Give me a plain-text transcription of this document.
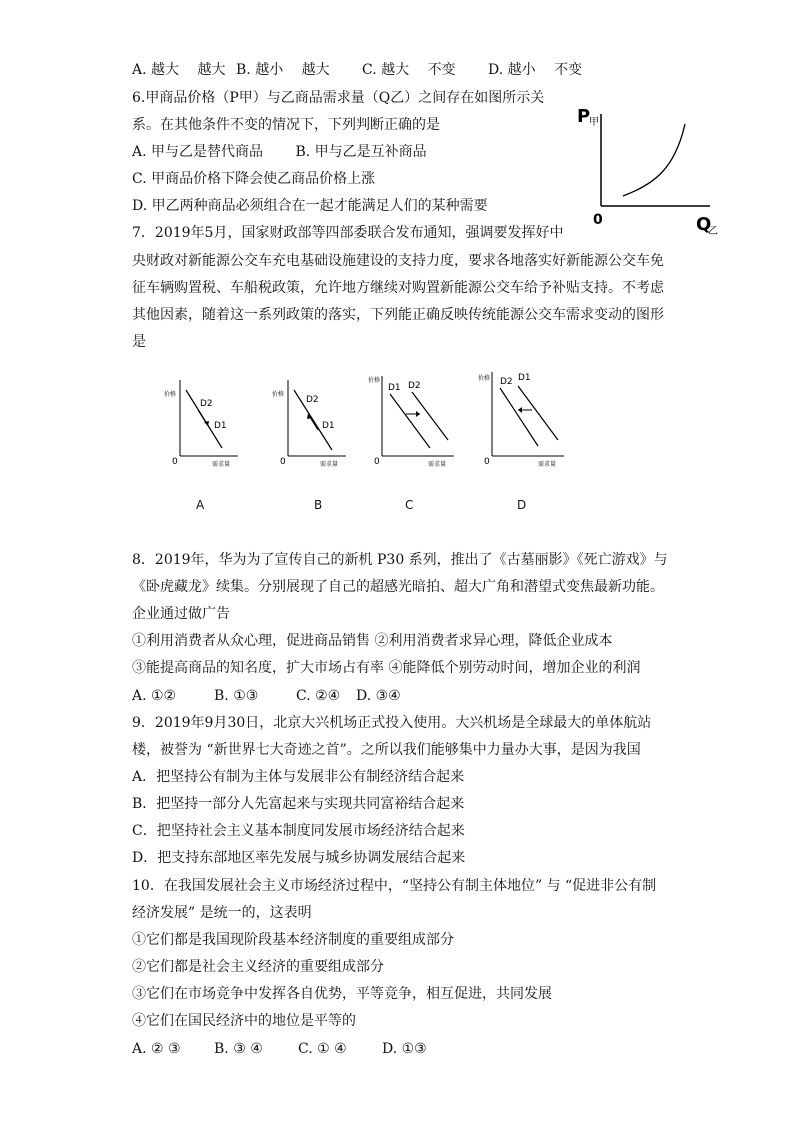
A. 越大　 越大 B. 越小　 越大 C. 越大　 不变 D. 越小　 不变
6.甲商品价格（P甲）与乙商品需求量（Q乙）之间存在如图所示关
系。在其他条件不变的情况下，下列判断正确的是
A. 甲与乙是替代商品　　 B. 甲与乙是互补商品
C. 甲商品价格下降会使乙商品价格上涨
D. 甲乙两种商品必须组合在一起才能满足人们的某种需要
P
甲
0	Q
乙
7．2019年5月，国家财政部等四部委联合发布通知，强调要发挥好中
央财政对新能源公交车充电基础设施建设的支持力度，要求各地落实好新能源公交车免
征车辆购置税、车船税政策，允许地方继续对购置新能源公交车给予补贴支持。不考虑
其他因素，随着这一系列政策的落实，下列能正确反映传统能源公交车需求变动的图形
是
价格
需求量
0
D2
D1
价格
需求量
0
D2
D1
价格
需求量
0
D1 D2
价格
需求量
0
D2 D1
A	B	C	D
8．2019年，华为为了宣传自己的新机 P30 系列，推出了《古墓丽影》《死亡游戏》与
《卧虎藏龙》续集。分别展现了自己的超感光暗拍、超大广角和潜望式变焦最新功能。
企业通过做广告
①利用消费者从众心理，促进商品销售 ②利用消费者求异心理，降低企业成本
③能提高商品的知名度，扩大市场占有率 ④能降低个别劳动时间，增加企业的利润
A. ①②	B. ①③	C. ②④ D. ③④
9．2019年9月30日，北京大兴机场正式投入使用。大兴机场是全球最大的单体航站
楼，被誉为 “新世界七大奇迹之首”。之所以我们能够集中力量办大事，是因为我国
A．把坚持公有制为主体与发展非公有制经济结合起来
B．把坚持一部分人先富起来与实现共同富裕结合起来
C．把坚持社会主义基本制度同发展市场经济结合起来
D．把支持东部地区率先发展与城乡协调发展结合起来
10．在我国发展社会主义市场经济过程中，“坚持公有制主体地位” 与 “促进非公有制
经济发展” 是统一的，这表明
①它们都是我国现阶段基本经济制度的重要组成部分
②它们都是社会主义经济的重要组成部分
③它们在市场竞争中发挥各自优势，平等竞争，相互促进，共同发展
④它们在国民经济中的地位是平等的
A. ② ③ B. ③ ④	C. ① ④	D. ①③
